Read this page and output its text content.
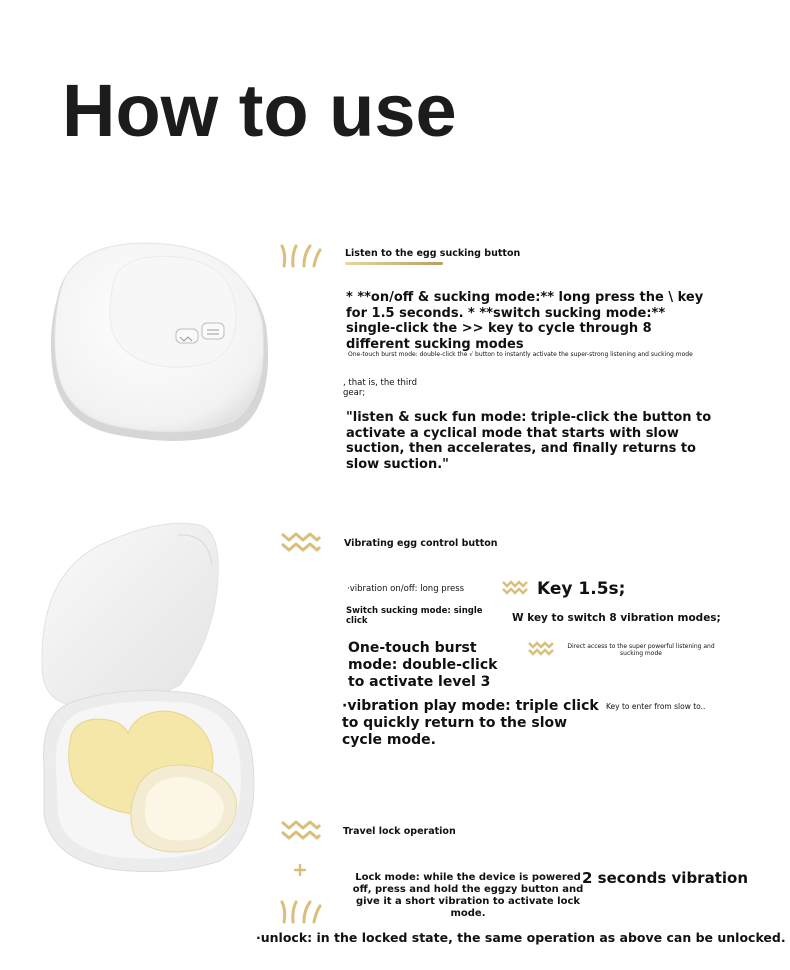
How to use
Listen to the egg sucking button
* **on/off & sucking mode:** long press the \ key for 1.5 seconds. * **switch sucking mode:** single-click the >> key to cycle through 8 different sucking modes
One-touch burst mode: double-click the √ button to instantly activate the super-strong listening and sucking mode
, that is, the third gear;
"listen & suck fun mode: triple-click the button to activate a cyclical mode that starts with slow suction, then accelerates, and finally returns to slow suction."
Vibrating egg control button
·vibration on/off: long press	Key 1.5s;
Switch sucking mode: single click	W key to switch 8 vibration modes;
One-touch burst mode: double-click to activate level 3
Direct access to the super powerful listening and sucking mode
·vibration play mode: triple click to quickly return to the slow cycle mode.
Key to enter from slow to..
Travel lock operation
Lock mode: while the device is powered off, press and hold the eggzy button and give it a short vibration to activate lock mode.
2 seconds vibration
·unlock: in the locked state, the same operation as above can be unlocked.
